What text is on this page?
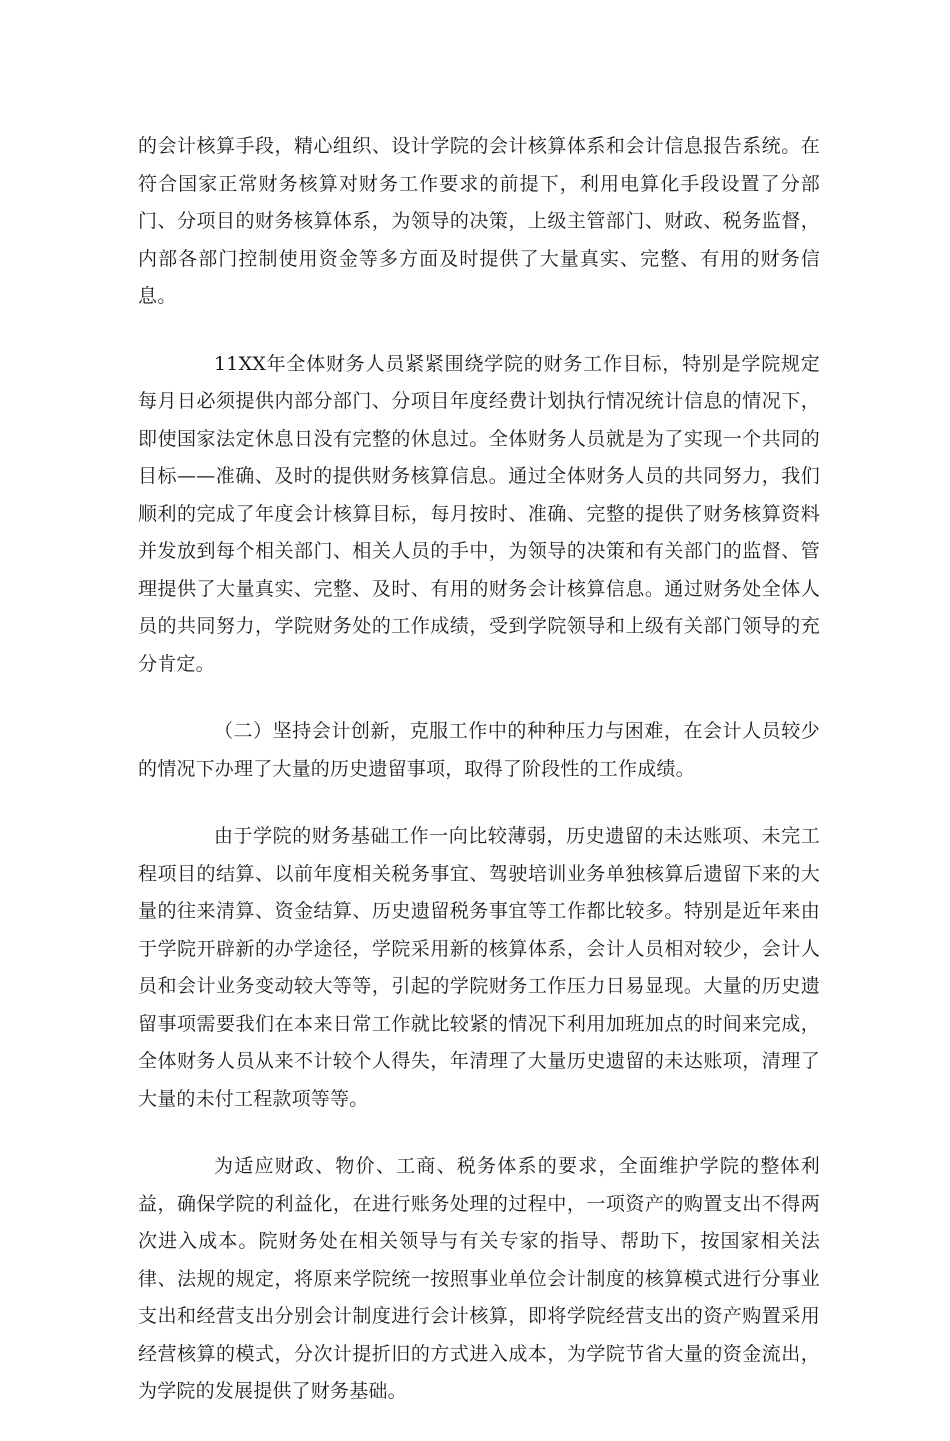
的会计核算手段，精心组织、设计学院的会计核算体系和会计信息报告系统。在符合国家正常财务核算对财务工作要求的前提下，利用电算化手段设置了分部门、分项目的财务核算体系，为领导的决策，上级主管部门、财政、税务监督，内部各部门控制使用资金等多方面及时提供了大量真实、完整、有用的财务信息。

11XX年全体财务人员紧紧围绕学院的财务工作目标，特别是学院规定每月日必须提供内部分部门、分项目年度经费计划执行情况统计信息的情况下，即使国家法定休息日没有完整的休息过。全体财务人员就是为了实现一个共同的目标——准确、及时的提供财务核算信息。通过全体财务人员的共同努力，我们顺利的完成了年度会计核算目标，每月按时、准确、完整的提供了财务核算资料并发放到每个相关部门、相关人员的手中，为领导的决策和有关部门的监督、管理提供了大量真实、完整、及时、有用的财务会计核算信息。通过财务处全体人员的共同努力，学院财务处的工作成绩，受到学院领导和上级有关部门领导的充分肯定。

（二）坚持会计创新，克服工作中的种种压力与困难，在会计人员较少的情况下办理了大量的历史遗留事项，取得了阶段性的工作成绩。

由于学院的财务基础工作一向比较薄弱，历史遗留的未达账项、未完工程项目的结算、以前年度相关税务事宜、驾驶培训业务单独核算后遗留下来的大量的往来清算、资金结算、历史遗留税务事宜等工作都比较多。特别是近年来由于学院开辟新的办学途径，学院采用新的核算体系，会计人员相对较少，会计人员和会计业务变动较大等等，引起的学院财务工作压力日易显现。大量的历史遗留事项需要我们在本来日常工作就比较紧的情况下利用加班加点的时间来完成，全体财务人员从来不计较个人得失，年清理了大量历史遗留的未达账项，清理了大量的未付工程款项等等。

为适应财政、物价、工商、税务体系的要求，全面维护学院的整体利益，确保学院的利益化，在进行账务处理的过程中，一项资产的购置支出不得两次进入成本。院财务处在相关领导与有关专家的指导、帮助下，按国家相关法律、法规的规定，将原来学院统一按照事业单位会计制度的核算模式进行分事业支出和经营支出分别会计制度进行会计核算，即将学院经营支出的资产购置采用经营核算的模式，分次计提折旧的方式进入成本，为学院节省大量的资金流出，为学院的发展提供了财务基础。
